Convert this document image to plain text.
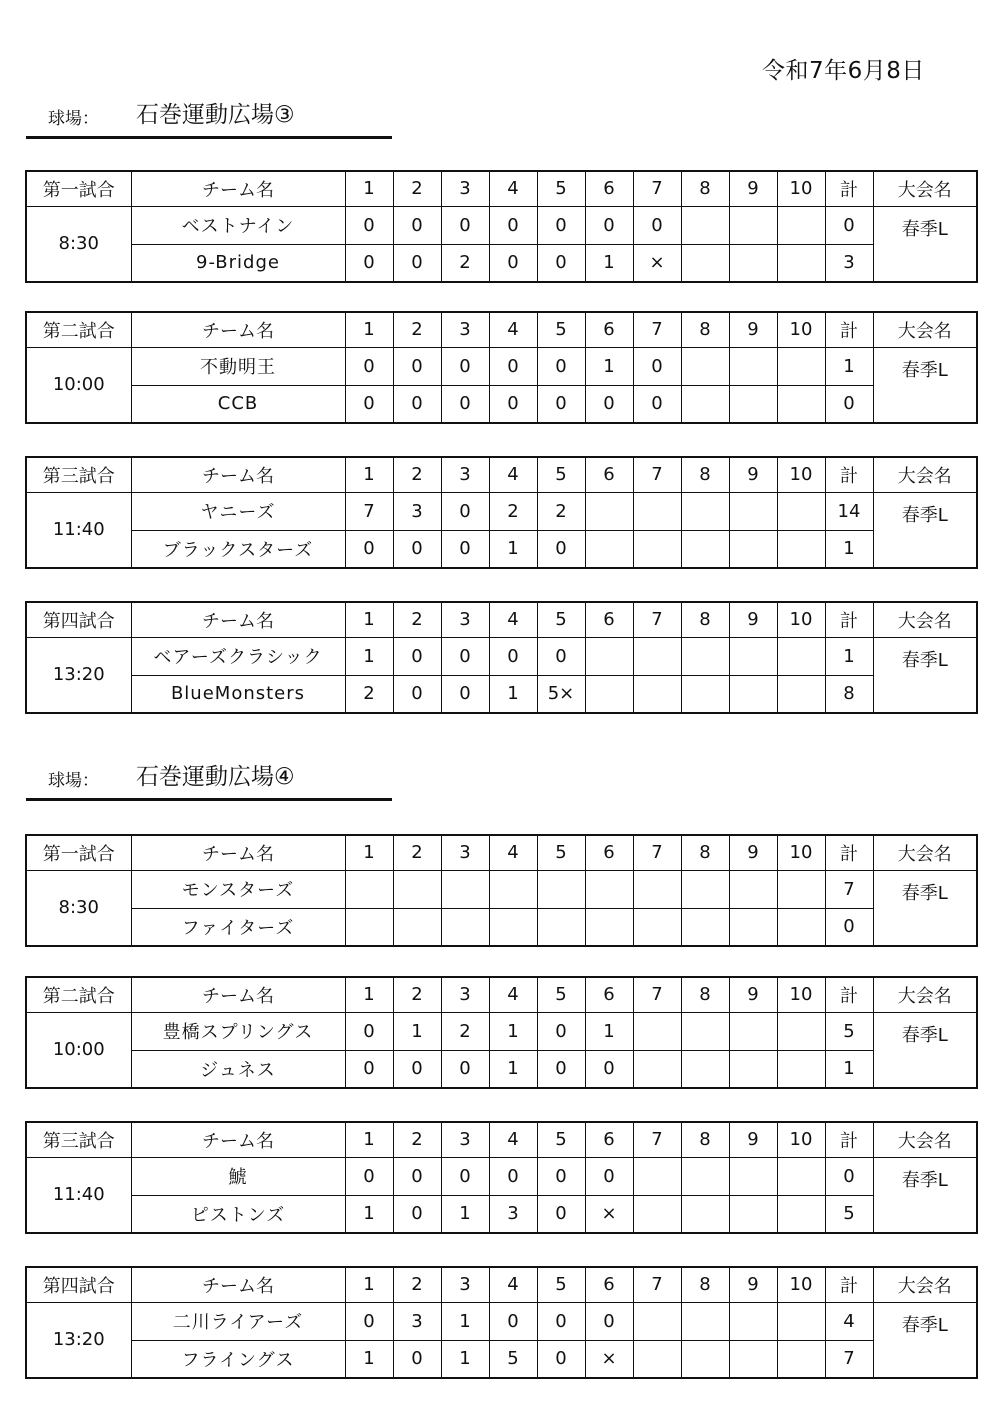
令和7年6月8日
球場： 石巻運動広場③
球場： 石巻運動広場④
第一試合	チーム名	1	2	3	4	5	6	7	8	9	10	計	大会名
8:30	ベストナイン	0	0	0	0	0	0	0				0	春季L
	9-Bridge	0	0	2	0	0	1	×				3	
第二試合	チーム名	1	2	3	4	5	6	7	8	9	10	計	大会名
10:00	不動明王	0	0	0	0	0	1	0				1	春季L
	CCB	0	0	0	0	0	0	0				0	
第三試合	チーム名	1	2	3	4	5	6	7	8	9	10	計	大会名
11:40	ヤニーズ	7	3	0	2	2						14	春季L
	ブラックスターズ	0	0	0	1	0						1	
第四試合	チーム名	1	2	3	4	5	6	7	8	9	10	計	大会名
13:20	ベアーズクラシック	1	0	0	0	0						1	春季L
	BlueMonsters	2	0	0	1	5×						8	
第一試合	チーム名	1	2	3	4	5	6	7	8	9	10	計	大会名
8:30	モンスターズ											7	春季L
	ファイターズ											0	
第二試合	チーム名	1	2	3	4	5	6	7	8	9	10	計	大会名
10:00	豊橋スプリングス	0	1	2	1	0	1					5	春季L
	ジュネス	0	0	0	1	0	0					1	
第三試合	チーム名	1	2	3	4	5	6	7	8	9	10	計	大会名
11:40	鯱	0	0	0	0	0	0					0	春季L
	ピストンズ	1	0	1	3	0	×					5	
第四試合	チーム名	1	2	3	4	5	6	7	8	9	10	計	大会名
13:20	二川ライアーズ	0	3	1	0	0	0					4	春季L
	フライングス	1	0	1	5	0	×					7	
